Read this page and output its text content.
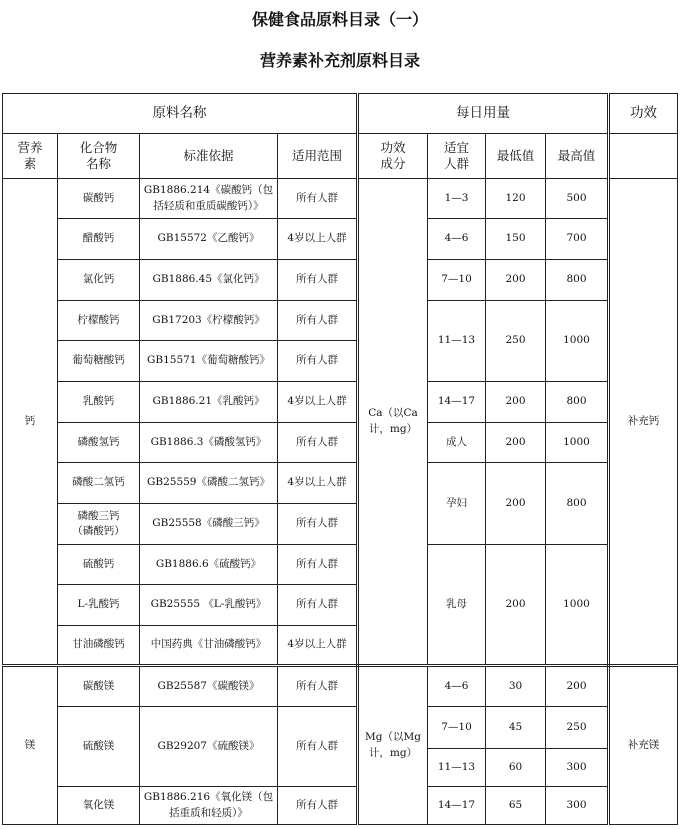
保健食品原料目录（一）
营养素补充剂原料目录
原料名称				每日用量				功效
营养素	化合物名称	标准依据	适用范围	功效成分	适宜人群	最低值	最高值	
钙	碳酸钙	GB1886.214《碳酸钙（包括轻质和重质碳酸钙）》	所有人群	Ca（以Ca计，mg）	1—3	120	500	补充钙
	醋酸钙	GB15572《乙酸钙》	4岁以上人群		4—6	150	700	
	氯化钙	GB1886.45《氯化钙》	所有人群		7—10	200	800	
	柠檬酸钙	GB17203《柠檬酸钙》	所有人群		11—13	250	1000	
	葡萄糖酸钙	GB15571《葡萄糖酸钙》	所有人群					
	乳酸钙	GB1886.21《乳酸钙》	4岁以上人群		14—17	200	800	
	磷酸氢钙	GB1886.3《磷酸氢钙》	所有人群		成人	200	1000	
	磷酸二氢钙	GB25559《磷酸二氢钙》	4岁以上人群		孕妇	200	800	
	磷酸三钙（磷酸钙）	GB25558《磷酸三钙》	所有人群					
	硫酸钙	GB1886.6《硫酸钙》	所有人群		乳母	200	1000	
	L-乳酸钙	GB25555 《L-乳酸钙》	所有人群					
	甘油磷酸钙	中国药典《甘油磷酸钙》	4岁以上人群					
镁	碳酸镁	GB25587《碳酸镁》	所有人群	Mg（以Mg计，mg）	4—6	30	200	补充镁
	硫酸镁	GB29207《硫酸镁》	所有人群		7—10	45	250	

					11—13	60	300	
	氧化镁	GB1886.216《氧化镁（包括重质和轻质）》	所有人群		14—17	65	300	
